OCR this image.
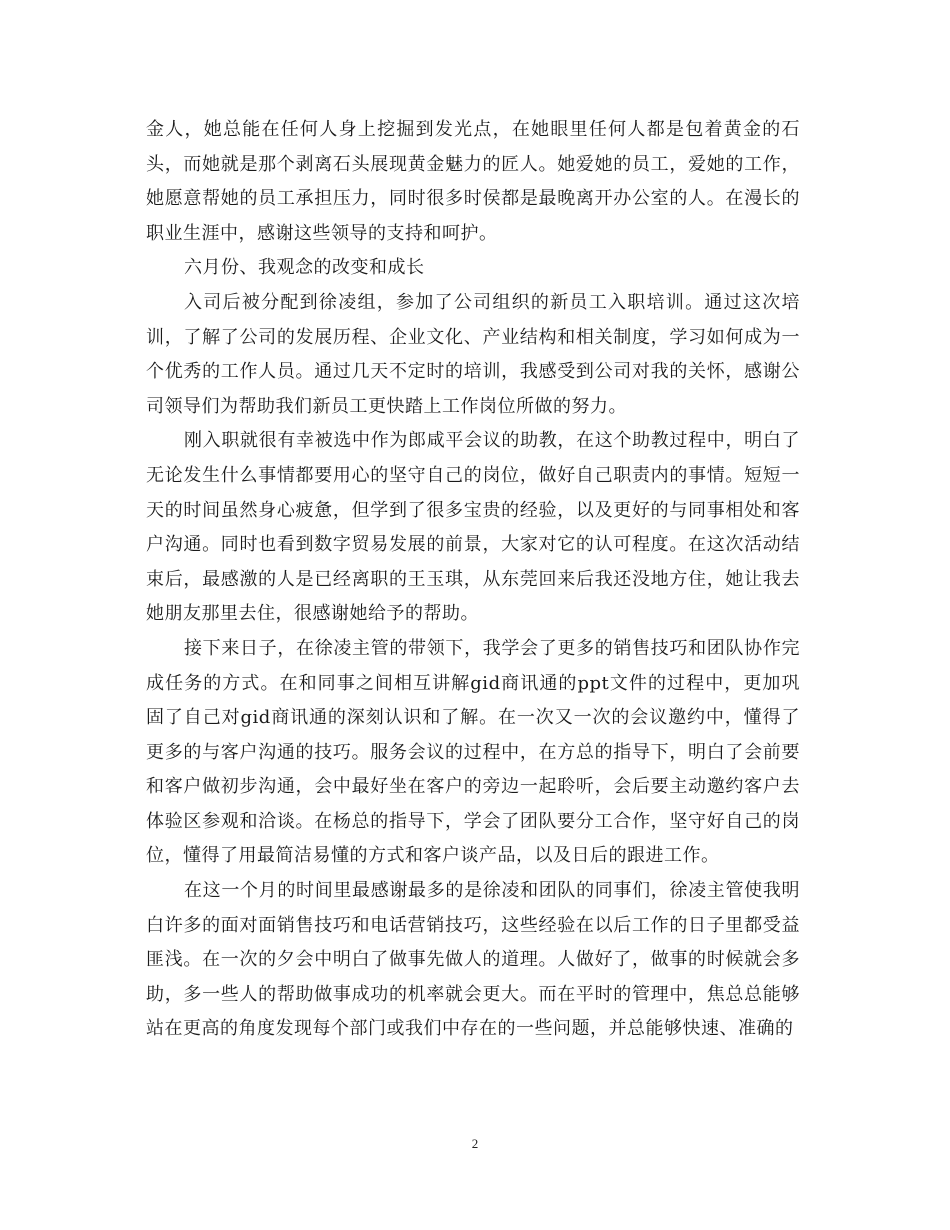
金人，她总能在任何人身上挖掘到发光点，在她眼里任何人都是包着黄金的石头，而她就是那个剥离石头展现黄金魅力的匠人。她爱她的员工，爱她的工作，她愿意帮她的员工承担压力，同时很多时侯都是最晚离开办公室的人。在漫长的职业生涯中，感谢这些领导的支持和呵护。

六月份、我观念的改变和成长

入司后被分配到徐凌组，参加了公司组织的新员工入职培训。通过这次培训，了解了公司的发展历程、企业文化、产业结构和相关制度，学习如何成为一个优秀的工作人员。通过几天不定时的培训，我感受到公司对我的关怀，感谢公司领导们为帮助我们新员工更快踏上工作岗位所做的努力。

刚入职就很有幸被选中作为郎咸平会议的助教，在这个助教过程中，明白了无论发生什么事情都要用心的坚守自己的岗位，做好自己职责内的事情。短短一天的时间虽然身心疲惫，但学到了很多宝贵的经验，以及更好的与同事相处和客户沟通。同时也看到数字贸易发展的前景，大家对它的认可程度。在这次活动结束后，最感激的人是已经离职的王玉琪，从东莞回来后我还没地方住，她让我去她朋友那里去住，很感谢她给予的帮助。

接下来日子，在徐凌主管的带领下，我学会了更多的销售技巧和团队协作完成任务的方式。在和同事之间相互讲解gid商讯通的ppt文件的过程中，更加巩固了自己对gid商讯通的深刻认识和了解。在一次又一次的会议邀约中，懂得了更多的与客户沟通的技巧。服务会议的过程中，在方总的指导下，明白了会前要和客户做初步沟通，会中最好坐在客户的旁边一起聆听，会后要主动邀约客户去体验区参观和洽谈。在杨总的指导下，学会了团队要分工合作，坚守好自己的岗位，懂得了用最简洁易懂的方式和客户谈产品，以及日后的跟进工作。

在这一个月的时间里最感谢最多的是徐凌和团队的同事们，徐凌主管使我明白许多的面对面销售技巧和电话营销技巧，这些经验在以后工作的日子里都受益匪浅。在一次的夕会中明白了做事先做人的道理。人做好了，做事的时候就会多助，多一些人的帮助做事成功的机率就会更大。而在平时的管理中，焦总总能够站在更高的角度发现每个部门或我们中存在的一些问题，并总能够快速、准确的

2
